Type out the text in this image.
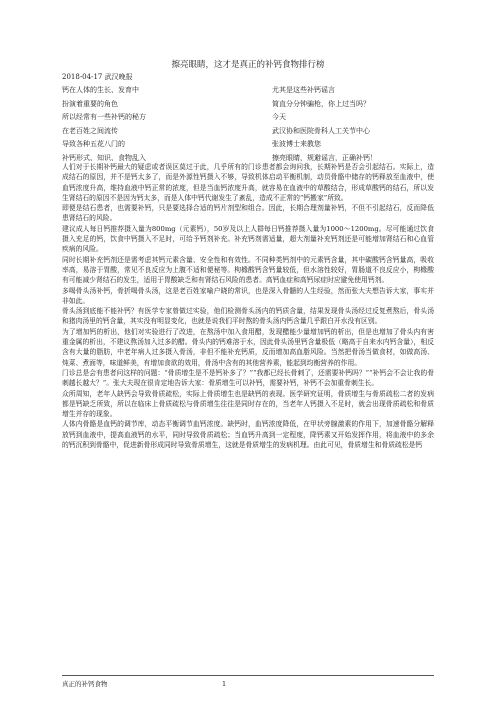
擦亮眼睛，这才是真正的补钙食物排行榜
2018-04-17 武汉晚报
钙在人体的生长、发育中	尤其是这些补钙谣言
扮演着重要的角色	简直分分钟骗枪，你上过当吗？
所以经常有一些补钙的秘方	今天
在老百姓之间流传	武汉协和医院骨科人工关节中心
导致各种五花八门的	张波博士来教您
补钙形式、知识、食物乱入	擦亮眼睛，规避谣言，正确补钙！

人们对于长期补钙最大的疑虑或者误区莫过于此，几乎所有的门诊患者都会询问我，长期补钙是否会引起结石。实际上，造成结石的原因，并不是钙太多了，而是外源性钙摄入不够，导致机体启动平衡机制，动员骨骼中储存的钙释放至血液中，使血钙浓度升高，维持血液中钙正常的浓度，但是当血钙浓度升高，就容易在血液中的草酸结合，形成草酸钙的结石，所以发生肾结石的原因不是因为钙太多，而是人体中钙代谢发生了紊乱，造成不正常的“钙搬家”所致。

即便是结石患者，也需要补钙，只是要选择合适的钙片剂型和组合。因此，长期合理剂量补钙，不但不引起结石，反而降低患肾结石的风险。

建议成人每日钙推荐摄入量为800mg（元素钙），50岁及以上人群每日钙推荐摄入量为1000～1200mg。尽可能通过饮食摄入充足的钙，饮食中钙摄入不足时，可给予钙剂补充。补充钙剂需适量，超大剂量补充钙剂还是可能增加肾结石和心血管疾病的风险。

同时长期补充钙剂还是需考虑其钙元素含量、安全性和有效性。不同种类钙剂中的元素钙含量，其中碳酸钙含钙量高，吸收率高，易溶于胃酸，常见不良反应为上腹不适和便秘等。枸橼酸钙含钙量较低，但水溶性较好，胃肠道不良反应小，枸橼酸有可能减少肾结石的发生，适用于胃酸缺乏和有肾结石风险的患者。高钙血症和高钙尿症时应避免使用钙剂。

多喝骨头汤补钙，骨折喝骨头汤，这是老百姓家喻户晓的常识，也是深入骨髓的人生经验，然而张大夫想告诉大家，事实并非如此。

骨头汤到底能不能补钙？有医学专家曾做过实验，他们检测骨头汤内的钙质含量，结果发现骨头汤经过反复煮熬后，骨头汤和猪肉汤里的钙含量，其实没有明显变化，也就是说我们平时熬的骨头汤内钙含量几乎跟白开水没有区别。

为了增加钙的析出，他们对实验进行了改进，在熬汤中加入食用醋，发现醋能少量增加钙的析出，但是也增加了骨头内有害重金属的析出，不建议熬汤加入过多的醋。骨头内的钙难溶于水，因此骨头汤里钙含量极低（略高于自来水内钙含量），相反含有大量的脂肪，中老年病人过多摄入骨汤，非但不能补充钙质，反而增加高血脂风险。当然把骨汤当做食材，如做高汤、炖菜、煮面等，味道鲜美，有增加食欲的效用，骨汤中含有的其他营养素，能起到均衡营养的作用。

门诊总是会有患者问这样的问题：“骨质增生是不是钙补多了？”“我都已经长骨刺了，还需要补钙吗？”“补钙会不会让我的骨刺越长越大？”。张大夫现在很肯定地告诉大家：骨质增生可以补钙，需要补钙，补钙不会加重骨刺生长。

众所周知，老年人缺钙会导致骨质疏松，实际上骨质增生也是缺钙的表现。医学研究证明，骨质增生与骨质疏松二者的发病都是钙缺乏所致，所以在临床上骨质疏松与骨质增生往往是同时存在的，当老年人钙摄入不足时，就会出现骨质疏松和骨质增生并存的现象。

人体内骨骼是血钙的调节库，动态平衡调节血钙浓度。缺钙时，血钙浓度降低，在甲状旁腺激素的作用下，加速骨骼分解释放钙到血液中，提高血液钙的水平，同时导致骨质疏松；当血钙升高到一定程度，降钙素又开始发挥作用，将血液中的多余的钙沉积到骨骼中，促进新骨形成同时导致骨质增生，这就是骨质增生的发病机理。由此可见，骨质增生和骨质疏松是钙

真正的补钙食物	1
